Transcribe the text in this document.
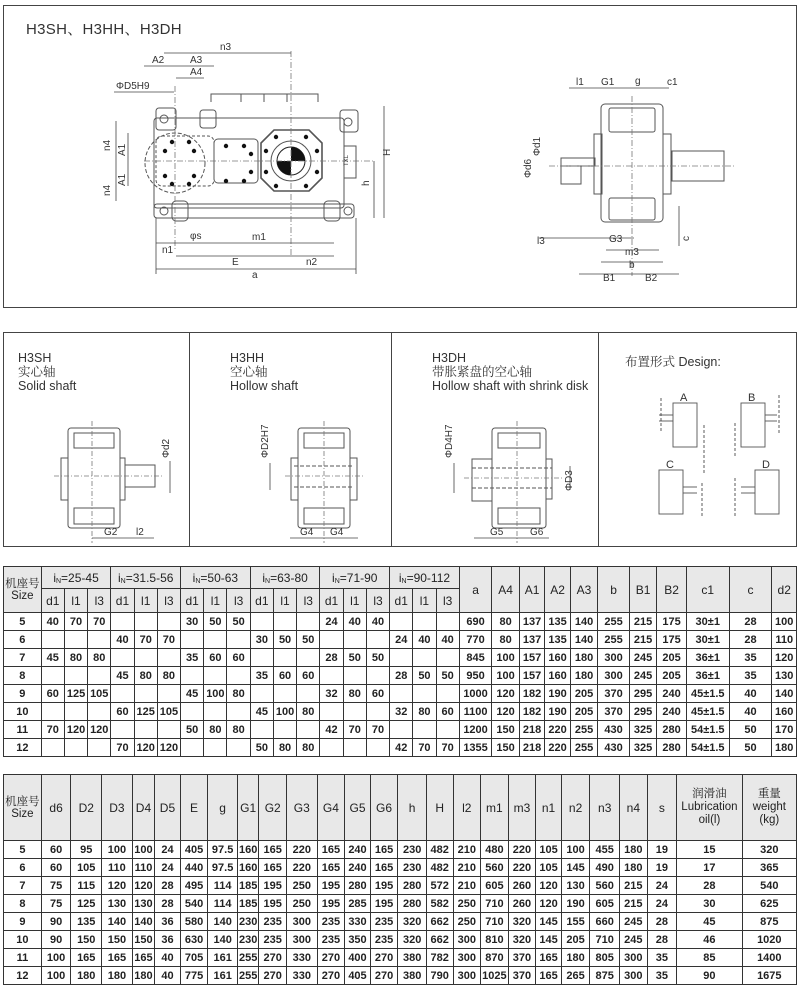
H3SH、H3HH、H3DH
n3
A2	A3
A4
ΦD5H9
n4 A1
n4
A1
H
h
φs
n1
m1
E	n2
a
TXL
l1 G1 g	c1
Φd1
Φd6
l3	G3
m3
b
B1	B2
c
H3SH
实心轴
Solid shaft
G2 l2
Φd2
H3HH
空心轴
Hollow shaft
G4 G4
ΦD2H7
H3DH
带胀紧盘的空心轴
Hollow shaft with shrink disk
G5	G6
ΦD4H7
ΦD3
布置形式 Design:
A	B
C	D
机座号
Size	$i_N=25-45$			$i_N=31.5-56$			$i_N=50-63$			$i_N=63-80$			$i_N=71-90$			$i_N=90-112$			a	A4	A1	A2	A3	b	B1	B2	c1	c	d2
	d1	l1	l3	d1	l1	l3	d1	l1	l3	d1	l1	l3	d1	l1	l3	d1	l1	l3											
5	40	70	70				30	50	50				24	40	40				690	80	137	135	140	255	215	175	30±1	28	100
6				40	70	70				30	50	50				24	40	40	770	80	137	135	140	255	215	175	30±1	28	110
7	45	80	80				35	60	60				28	50	50				845	100	157	160	180	300	245	205	36±1	35	120
8				45	80	80				35	60	60				28	50	50	950	100	157	160	180	300	245	205	36±1	35	130
9	60	125	105				45	100	80				32	80	60				1000	120	182	190	205	370	295	240	45±1.5	40	140
10				60	125	105				45	100	80				32	80	60	1100	120	182	190	205	370	295	240	45±1.5	40	160
11	70	120	120				50	80	80				42	70	70				1200	150	218	220	255	430	325	280	54±1.5	50	170
12				70	120	120				50	80	80				42	70	70	1355	150	218	220	255	430	325	280	54±1.5	50	180
机座号
Size	d6	D2	D3	D4	D5	E	g	G1	G2	G3	G4	G5	G6	h	H	l2	m1	m3	n1	n2	n3	n4	s	润滑油
Lubrication
oil(l)	重量
weight
(kg)
5	60	95	100	100	24	405	97.5	160	165	220	165	240	165	230	482	210	480	220	105	100	455	180	19	15	320
6	60	105	110	110	24	440	97.5	160	165	220	165	240	165	230	482	210	560	220	105	145	490	180	19	17	365
7	75	115	120	120	28	495	114	185	195	250	195	280	195	280	572	210	605	260	120	130	560	215	24	28	540
8	75	125	130	130	28	540	114	185	195	250	195	285	195	280	582	250	710	260	120	190	605	215	24	30	625
9	90	135	140	140	36	580	140	230	235	300	235	330	235	320	662	250	710	320	145	155	660	245	28	45	875
10	90	150	150	150	36	630	140	230	235	300	235	350	235	320	662	300	810	320	145	205	710	245	28	46	1020
11	100	165	165	165	40	705	161	255	270	330	270	400	270	380	782	300	870	370	165	180	805	300	35	85	1400
12	100	180	180	180	40	775	161	255	270	330	270	405	270	380	790	300	1025	370	165	265	875	300	35	90	1675
